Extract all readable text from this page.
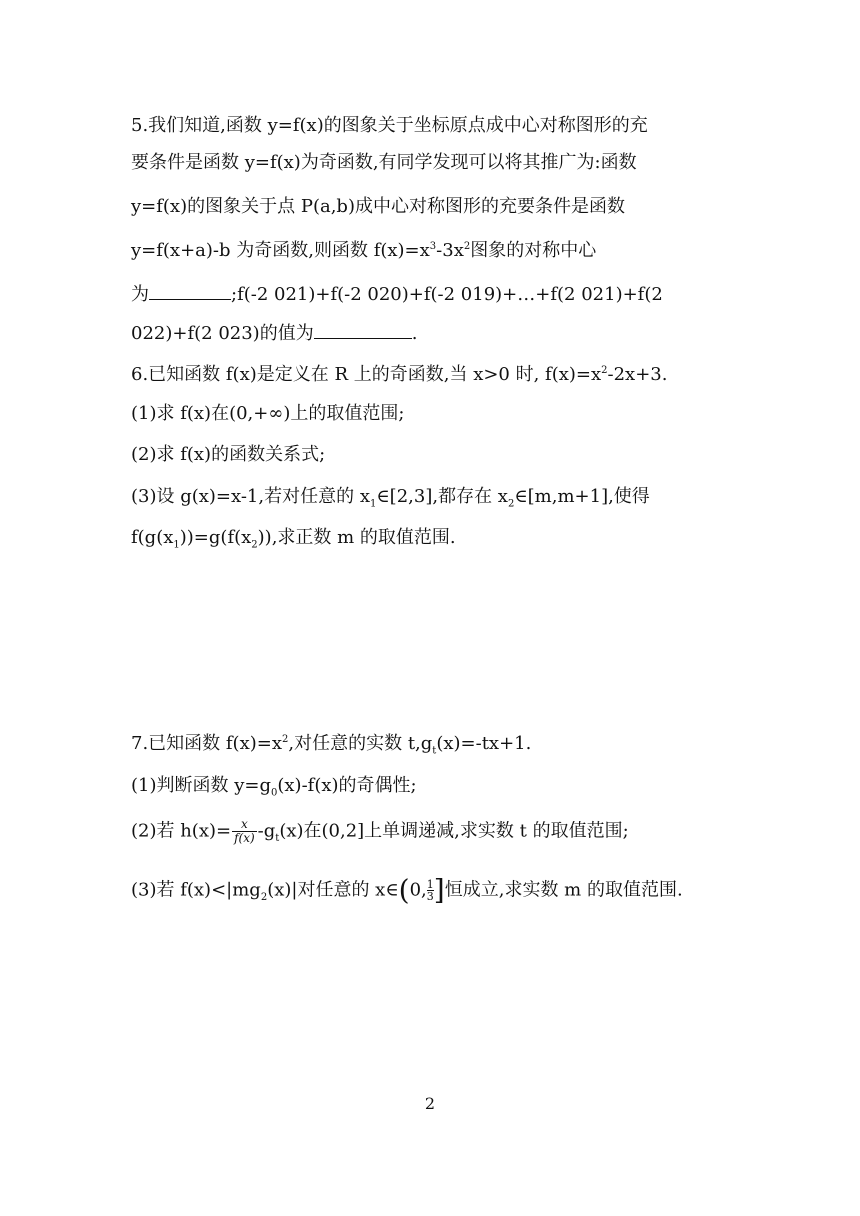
5.我们知道,函数 y=f(x)的图象关于坐标原点成中心对称图形的充
要条件是函数 y=f(x)为奇函数,有同学发现可以将其推广为:函数
y=f(x)的图象关于点 P(a,b)成中心对称图形的充要条件是函数
y=f(x+a)-b 为奇函数,则函数 $f(x)=x^3-3x^2$图象的对称中心
为	;f(-2 021)+f(-2 020)+f(-2 019)+…+f(2 021)+f(2
022)+f(2 023)的值为	.
6.已知函数 f(x)是定义在 R 上的奇函数,当 x>0 时, $f(x)=x^2-2x+3$.
(1)求 f(x)在(0,+∞)上的取值范围;
(2)求 f(x)的函数关系式;
(3)设 g(x)=x-1,若对任意的 $x_1\in[2,3]$,都存在 $x_2\in[m,m+1]$,使得
$f(g(x_1))=g(f(x_2))$,求正数 m 的取值范围.
7.已知函数 $f(x)=x^2$,对任意的实数 $t,g_t(x)=-tx+1$.
(1)判断函数 $y=g_0(x)-f(x)$的奇偶性;
(2)若 $h(x)= \frac{x}{f(x)} -g_t(x)$在(0,2]上单调递减,求实数 t 的取值范围;
(3)若 $f(x)<|mg_2(x)|$对任意的 x∈(0, $\frac{1}{3}$ ]恒成立,求实数 m 的取值范围.
2
